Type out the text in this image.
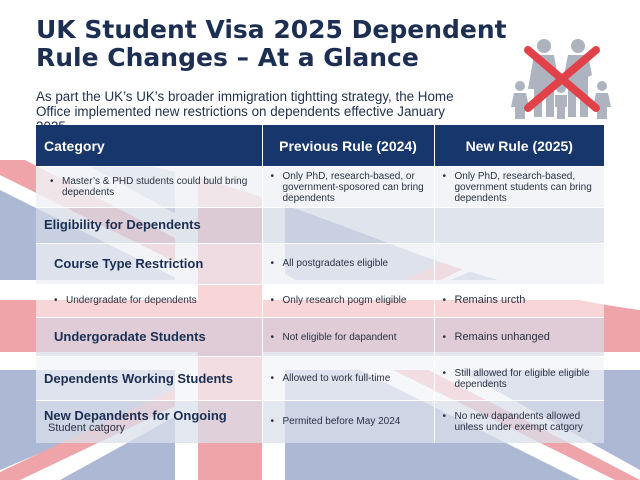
UK Student Visa 2025 Dependent Rule Changes – At a Glance

As part the UK’s UK’s broader immigration tightting strategy, the Home Office implemented new restrictions on dependents effective January

Category	Previous Rule (2024)	New Rule (2025)

• Master’s & PHD students could buld bring dependents	• Only PhD, research-based, or government-sposored can bring dependents	• Only PhD, research-based, government students can bring dependents

Eligibility for Dependents		
Course Type Restriction	• All postgradates eligible	

• Undergradate for dependents	• Only research pogm eligible	• Remains urcth

Undergoradate Students	• Not eligible for dapandent	• Remains unhanged

Dependents Working Students	• Allowed to work full-time	• Still allowed for eligible eligible dependents

New Depandents for Ongoing
Student catgory	• Permited before May 2024	• No new dapandents allowed unless under exempt catgory
